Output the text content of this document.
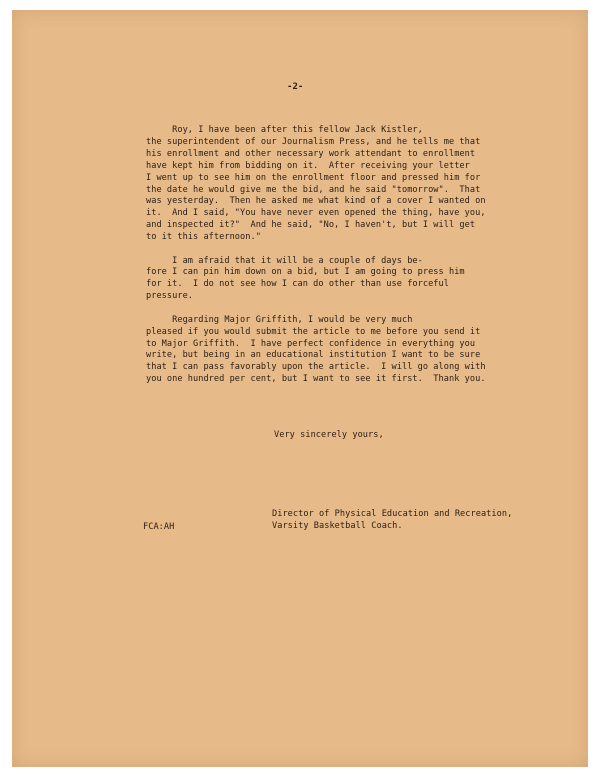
-2-
Roy, I have been after this fellow Jack Kistler,
the superintendent of our Journalism Press, and he tells me that
his enrollment and other necessary work attendant to enrollment
have kept him from bidding on it.  After receiving your letter
I went up to see him on the enrollment floor and pressed him for
the date he would give me the bid, and he said "tomorrow".  That
was yesterday.  Then he asked me what kind of a cover I wanted on
it.  And I said, "You have never even opened the thing, have you,
and inspected it?"  And he said, "No, I haven't, but I will get
to it this afternoon."
I am afraid that it will be a couple of days be-
fore I can pin him down on a bid, but I am going to press him
for it.  I do not see how I can do other than use forceful
pressure.
Regarding Major Griffith, I would be very much
pleased if you would submit the article to me before you send it
to Major Griffith.  I have perfect confidence in everything you
write, but being in an educational institution I want to be sure
that I can pass favorably upon the article.  I will go along with
you one hundred per cent, but I want to see it first.  Thank you.
Very sincerely yours,
FCA:AH
Director of Physical Education and Recreation,
Varsity Basketball Coach.
